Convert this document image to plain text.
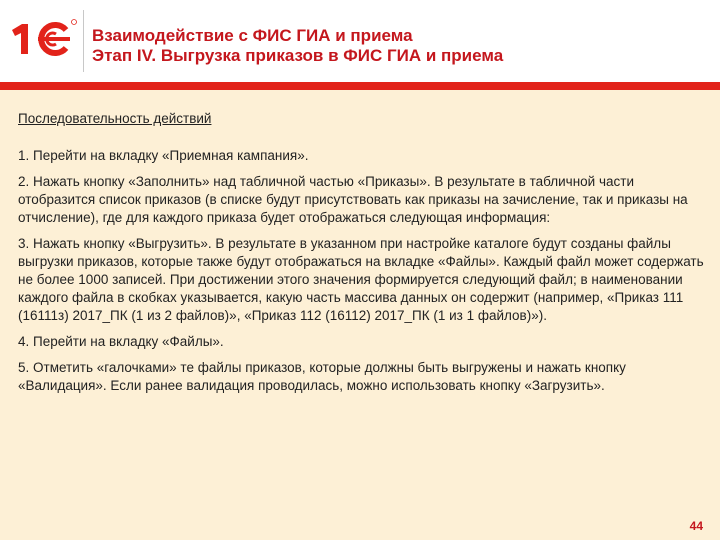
Взаимодействие с ФИС ГИА и приема
Этап IV. Выгрузка приказов в ФИС ГИА и приема

Последовательность действий

1. Перейти на вкладку «Приемная кампания».

2. Нажать кнопку «Заполнить» над табличной частью «Приказы». В результате в табличной части отобразится список приказов (в списке будут присутствовать как приказы на зачисление, так и приказы на отчисление), где для каждого приказа будет отображаться следующая информация:

3. Нажать кнопку «Выгрузить». В результате в указанном при настройке каталоге будут созданы файлы выгрузки приказов, которые также будут отображаться на вкладке «Файлы». Каждый файл может содержать не более 1000 записей. При достижении этого значения формируется следующий файл; в наименовании каждого файла в скобках указывается, какую часть массива данных он содержит (например, «Приказ 111 (16111з) 2017_ПК (1 из 2 файлов)», «Приказ 112 (16112) 2017_ПК (1 из 1 файлов)»).

4. Перейти на вкладку «Файлы».

5. Отметить «галочками» те файлы приказов, которые должны быть выгружены и нажать кнопку «Валидация». Если ранее валидация проводилась, можно использовать кнопку «Загрузить».

44
